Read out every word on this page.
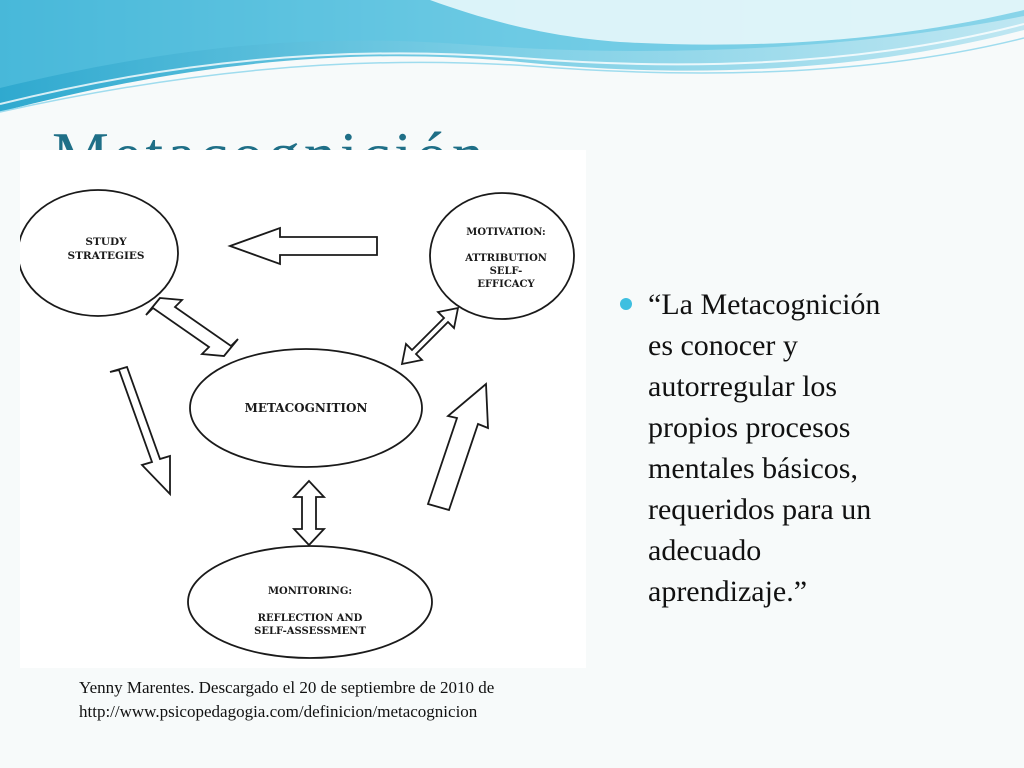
STUDY
STRATEGIES
MOTIVATION:
ATTRIBUTION
SELF-
EFFICACY
METACOGNITION
MONITORING:
REFLECTION AND
SELF-ASSESSMENT

Yenny Marentes. Descargado el 20 de septiembre de 2010 de
http://www.psicopedagogia.com/definicion/metacognicion

“La Metacognición
es conocer y
autorregular los
propios procesos
mentales básicos,
requeridos para un
adecuado
aprendizaje.”
